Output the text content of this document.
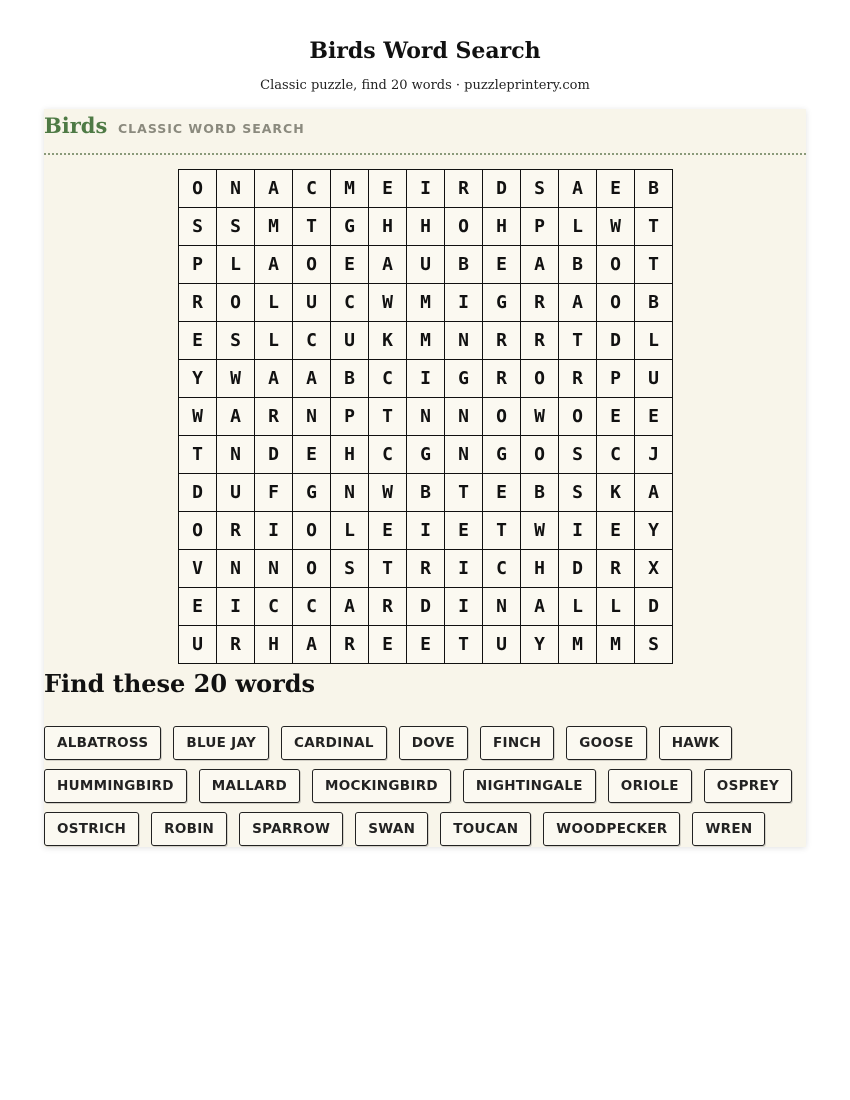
Birds Word Search
Classic puzzle, find 20 words · puzzleprintery.com
Birds CLASSIC WORD SEARCH
O	N	A	C	M	E	I	R	D	S	A	E	B
S	S	M	T	G	H	H	O	H	P	L	W	T
P	L	A	O	E	A	U	B	E	A	B	O	T
R	O	L	U	C	W	M	I	G	R	A	O	B
E	S	L	C	U	K	M	N	R	R	T	D	L
Y	W	A	A	B	C	I	G	R	O	R	P	U
W	A	R	N	P	T	N	N	O	W	O	E	E
T	N	D	E	H	C	G	N	G	O	S	C	J
D	U	F	G	N	W	B	T	E	B	S	K	A
O	R	I	O	L	E	I	E	T	W	I	E	Y
V	N	N	O	S	T	R	I	C	H	D	R	X
E	I	C	C	A	R	D	I	N	A	L	L	D
U	R	H	A	R	E	E	T	U	Y	M	M	S
Find these 20 words
ALBATROSS	BLUE JAY	CARDINAL	DOVE	FINCH	GOOSE	HAWK
HUMMINGBIRD	MALLARD	MOCKINGBIRD	NIGHTINGALE	ORIOLE	OSPREY
OSTRICH	ROBIN	SPARROW	SWAN	TOUCAN	WOODPECKER	WREN
